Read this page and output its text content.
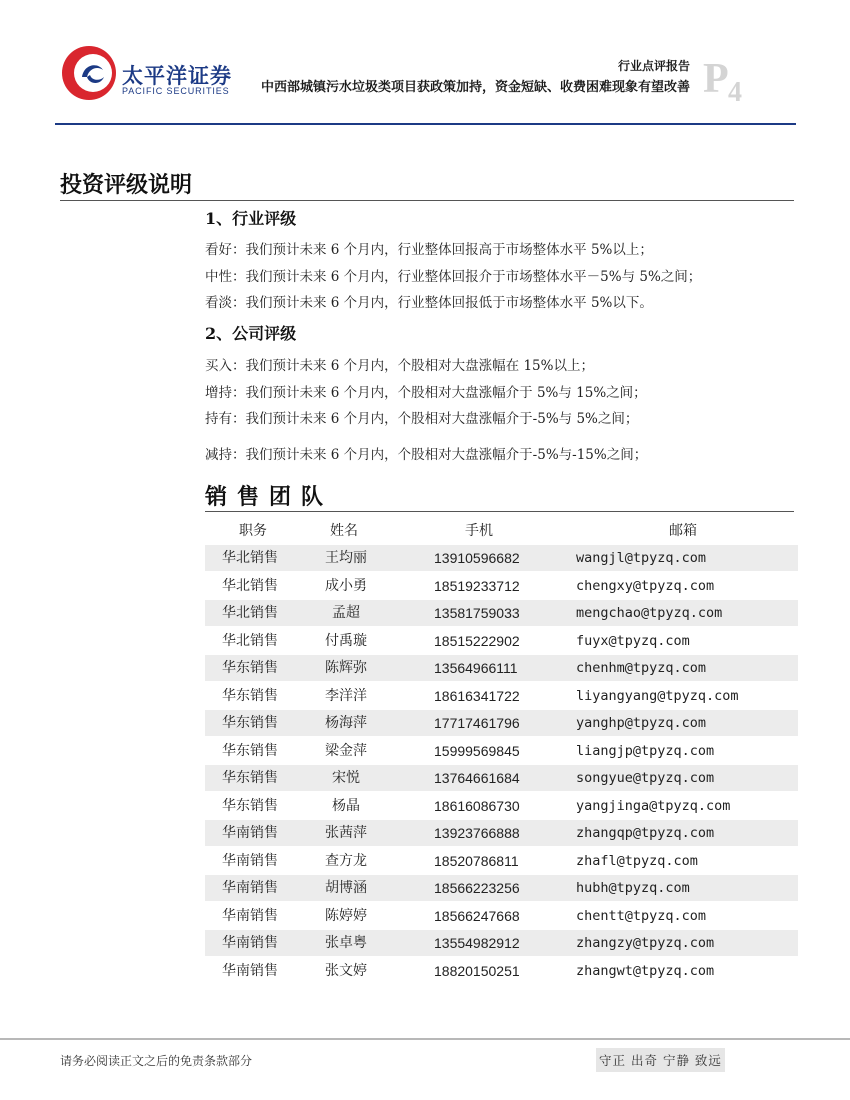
太平洋证券
PACIFIC SECURITIES
行业点评报告
中西部城镇污水垃圾类项目获政策加持，资金短缺、收费困难现象有望改善 P 4
投资评级说明
1、行业评级
看好：我们预计未来 6 个月内，行业整体回报高于市场整体水平 5%以上；
中性：我们预计未来 6 个月内，行业整体回报介于市场整体水平－5%与 5%之间；
看淡：我们预计未来 6 个月内，行业整体回报低于市场整体水平 5%以下。
2、公司评级
买入：我们预计未来 6 个月内，个股相对大盘涨幅在 15%以上；
增持：我们预计未来 6 个月内，个股相对大盘涨幅介于 5%与 15%之间；
持有：我们预计未来 6 个月内，个股相对大盘涨幅介于-5%与 5%之间；
减持：我们预计未来 6 个月内，个股相对大盘涨幅介于-5%与-15%之间；
销售团队
职务	姓名	手机	邮箱
华北销售	王均丽	13910596682	wangjl@tpyzq.com
华北销售	成小勇	18519233712	chengxy@tpyzq.com
华北销售	孟超	13581759033	mengchao@tpyzq.com
华北销售	付禹璇	18515222902	fuyx@tpyzq.com
华东销售	陈辉弥	13564966111	chenhm@tpyzq.com
华东销售	李洋洋	18616341722	liyangyang@tpyzq.com
华东销售	杨海萍	17717461796	yanghp@tpyzq.com
华东销售	梁金萍	15999569845	liangjp@tpyzq.com
华东销售	宋悦	13764661684	songyue@tpyzq.com
华东销售	杨晶	18616086730	yangjinga@tpyzq.com
华南销售	张茜萍	13923766888	zhangqp@tpyzq.com
华南销售	查方龙	18520786811	zhafl@tpyzq.com
华南销售	胡博涵	18566223256	hubh@tpyzq.com
华南销售	陈婷婷	18566247668	chentt@tpyzq.com
华南销售	张卓粤	13554982912	zhangzy@tpyzq.com
华南销售	张文婷	18820150251	zhangwt@tpyzq.com
请务必阅读正文之后的免责条款部分	守正 出奇 宁静 致远
